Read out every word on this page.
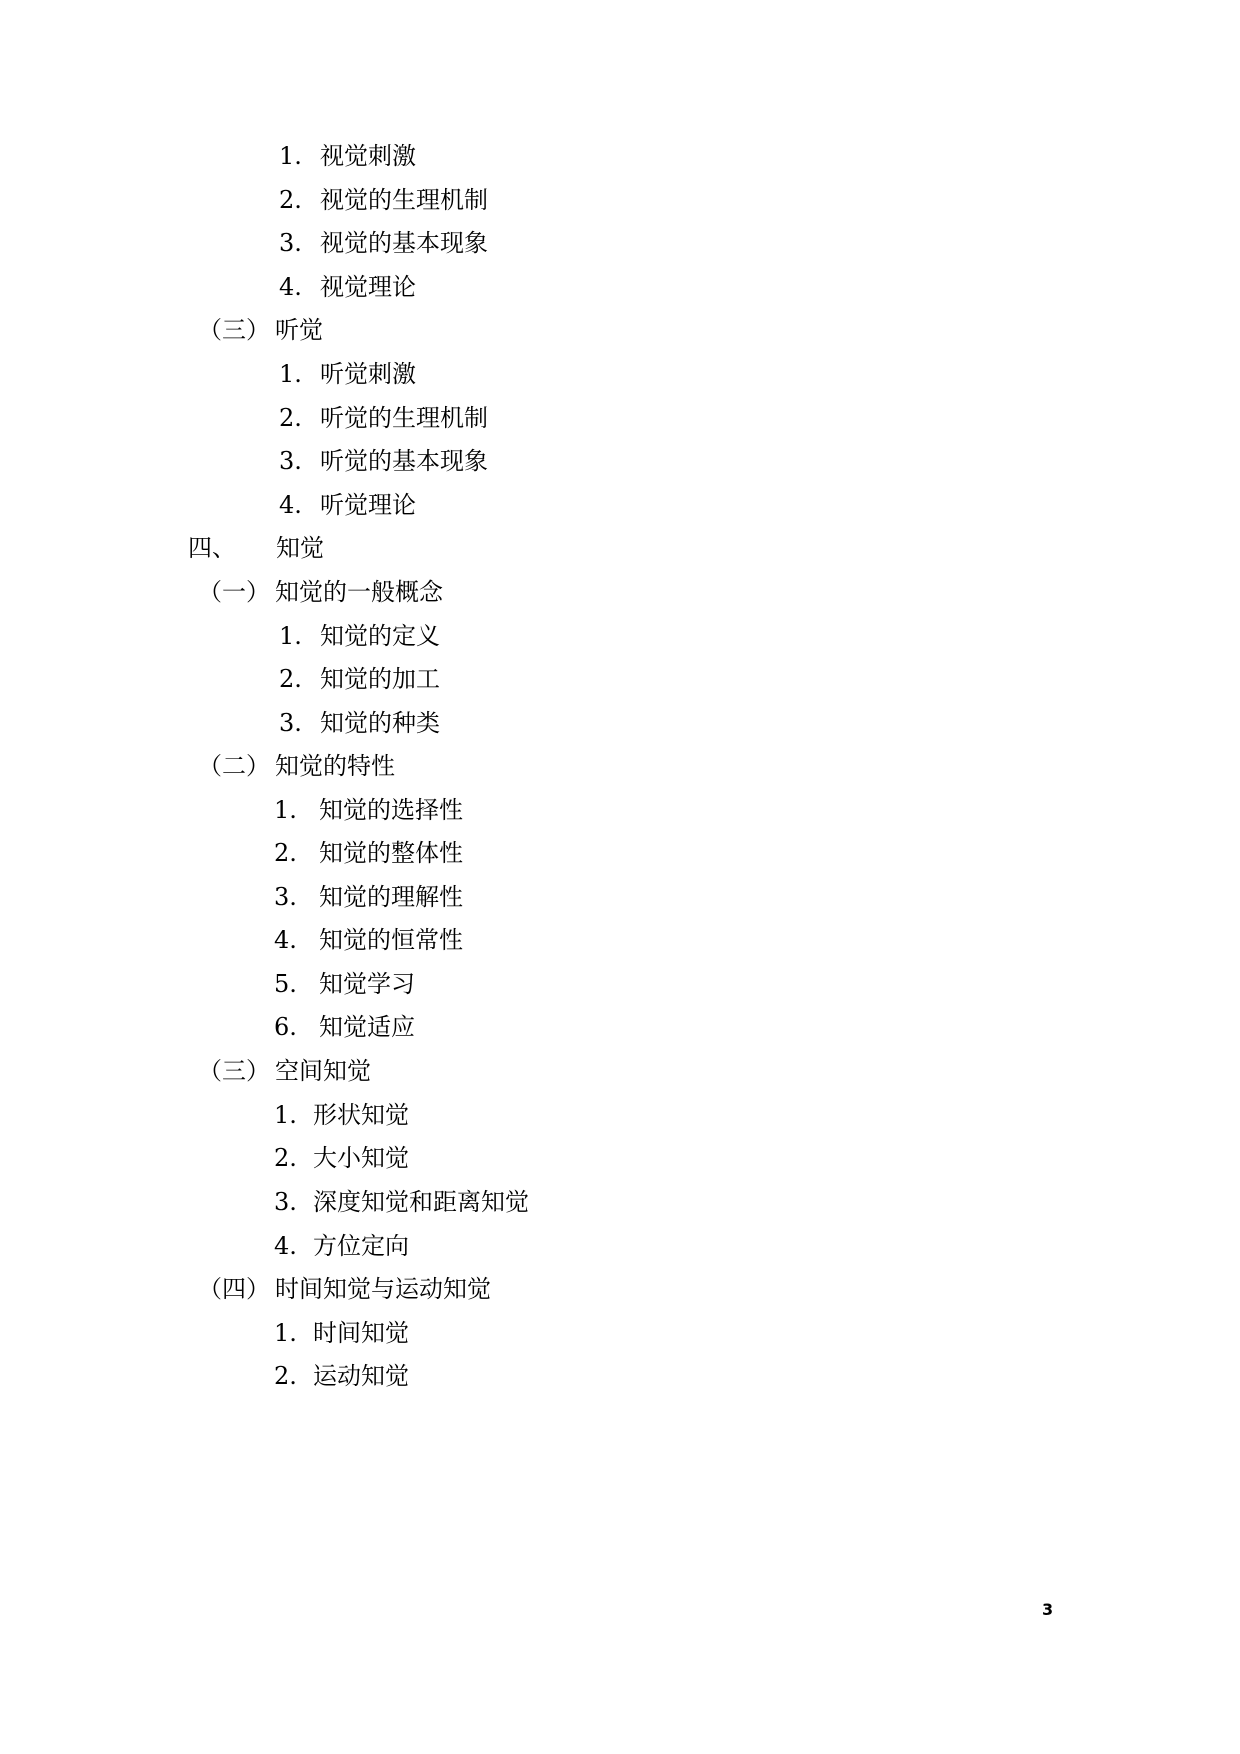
1. 视觉刺激
2. 视觉的生理机制
3. 视觉的基本现象
4. 视觉理论
（三） 听觉
1. 听觉刺激
2. 听觉的生理机制
3. 听觉的基本现象
4. 听觉理论
四、 知觉
（一） 知觉的一般概念
1. 知觉的定义
2. 知觉的加工
3. 知觉的种类
（二） 知觉的特性
1. 知觉的选择性
2. 知觉的整体性
3. 知觉的理解性
4. 知觉的恒常性
5. 知觉学习
6. 知觉适应
（三） 空间知觉
1. 形状知觉
2. 大小知觉
3. 深度知觉和距离知觉
4. 方位定向
（四） 时间知觉与运动知觉
1. 时间知觉
2. 运动知觉
3
